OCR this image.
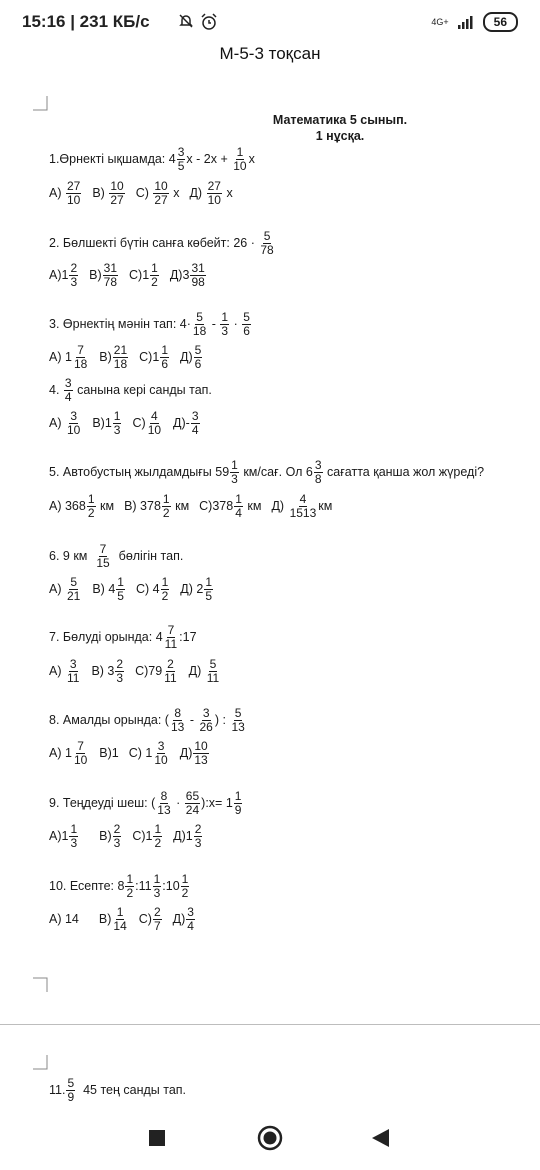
15:16 | 231 КБ/с	4G+	56
М-5-3 тоқсан
Математика 5 сынып.
1 нұсқа.
1.Өрнекті ықшамда: 4
3
5 x - 2x +
$\frac{1}{10}$ x
А)

27
10 В)

10
27 С)

10
27
x Д)

27
10
x
2. Бөлшекті бүтін санға көбейт: 26 ·

5
78
А)1
2
3 В)
31
78 С)1
1
2 Д)3
31
98
3. Өрнектің мәнін тап: 4·
5
18
-

1
3
·

5
6
А) 1
7
18 В)
21
18 С)1
1
6 Д)
5
6
4.

3
4
санына кері санды тап.
А)

3
10 В)1
1
3 С)
4
10 Д)-
3
4
5. Автобустың жылдамдығы 59
1
3
км/сағ. Ол 6
3
8
сағатта қанша жол жүреді?
А) 368
1
2
км В) 378
1
2
км С)378
1
4
км Д)

4
1513 км
6. 9 км

7
15
бөлігін тап.
А)

5
21 В) 4
1
5 С) 4
1
2 Д) 2
1
5
7. Бөлуді орында: 4
7
11 :17
А)

3
11 В) 3
2
3 С)79
2
11 Д)

5
11
8. Амалды орында: (
8
13
-

3
26 ) :

5
13
А) 1
7
10 В)1 С) 1
3
10 Д)
10
13
9. Теңдеуді шеш: (
8
13
·

65
24 ):x= 1
1
9
А)1
1
3 В)
2
3 С)1
1
2 Д)1
2
3
10. Есепте: 8
1
2 :11
1
3 :10
1
2
А) 14 В)
1
14 С)
2
7 Д)
3
4
11.
5
9
45 тең санды тап.
